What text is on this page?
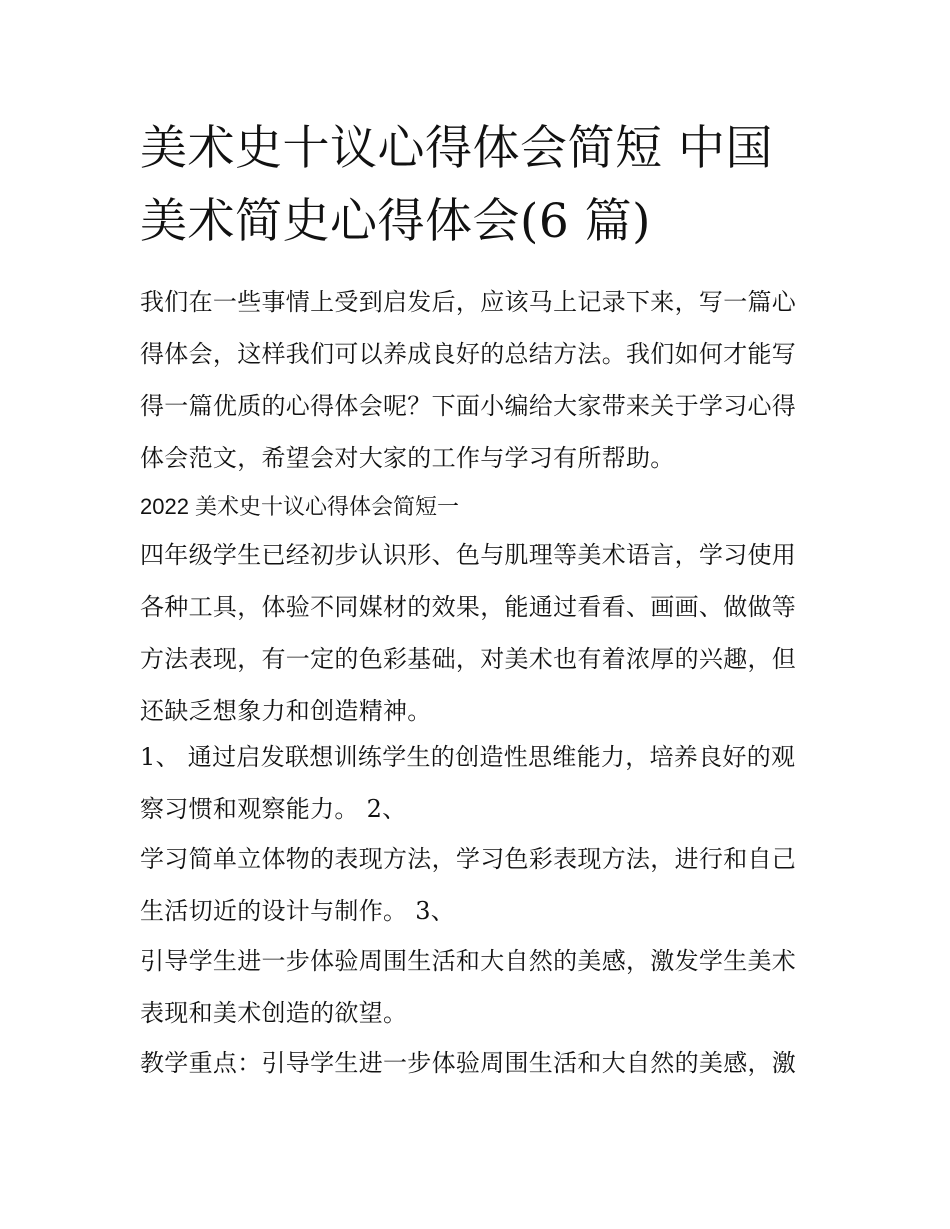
美术史十议心得体会简短 中国
美术简史心得体会(6 篇)

我们在一些事情上受到启发后，应该马上记录下来，写一篇心
得体会，这样我们可以养成良好的总结方法。我们如何才能写
得一篇优质的心得体会呢？下面小编给大家带来关于学习心得
体会范文，希望会对大家的工作与学习有所帮助。

2022 美术史十议心得体会简短一

四年级学生已经初步认识形、色与肌理等美术语言，学习使用
各种工具，体验不同媒材的效果，能通过看看、画画、做做等
方法表现，有一定的色彩基础，对美术也有着浓厚的兴趣，但
还缺乏想象力和创造精神。

1、 通过启发联想训练学生的创造性思维能力，培养良好的观
察习惯和观察能力。 2、

学习简单立体物的表现方法，学习色彩表现方法，进行和自己
生活切近的设计与制作。 3、

引导学生进一步体验周围生活和大自然的美感，激发学生美术
表现和美术创造的欲望。

教学重点：引导学生进一步体验周围生活和大自然的美感，激
